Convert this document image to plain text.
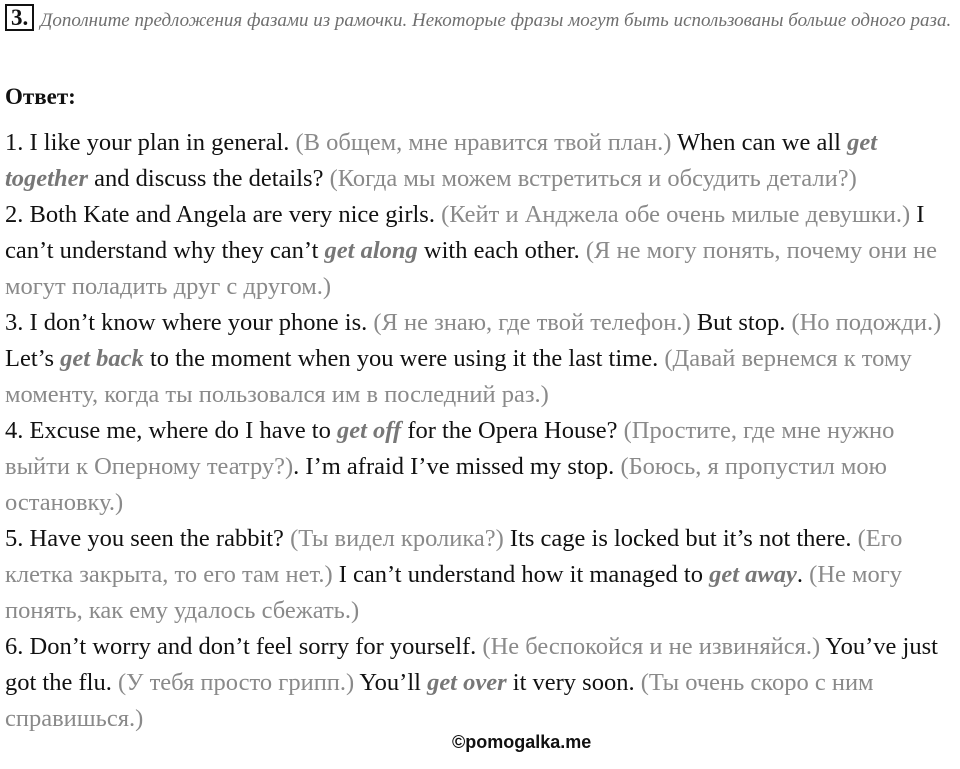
3. Дополните предложения фазами из рамочки. Некоторые фразы могут быть использованы больше одного раза.
Ответ:

1. I like your plan in general. (В общем, мне нравится твой план.) When can we all get together and discuss the details? (Когда мы можем встретиться и обсудить детали?)

2. Both Kate and Angela are very nice girls. (Кейт и Анджела обе очень милые девушки.) I can’t understand why they can’t get along with each other. (Я не могу понять, почему они не могут поладить друг с другом.)

3. I don’t know where your phone is. (Я не знаю, где твой телефон.) But stop. (Но подожди.) Let’s get back to the moment when you were using it the last time. (Давай вернемся к тому моменту, когда ты пользовался им в последний раз.)

4. Excuse me, where do I have to get off for the Opera House? (Простите, где мне нужно выйти к Оперному театру?). I’m afraid I’ve missed my stop. (Боюсь, я пропустил мою остановку.)

5. Have you seen the rabbit? (Ты видел кролика?) Its cage is locked but it’s not there. (Его клетка закрыта, то его там нет.) I can’t understand how it managed to get away. (Не могу понять, как ему удалось сбежать.)

6. Don’t worry and don’t feel sorry for yourself. (Не беспокойся и не извиняйся.) You’ve just got the flu. (У тебя просто грипп.) You’ll get over it very soon. (Ты очень скоро с ним справишься.)

©pomogalka.me
